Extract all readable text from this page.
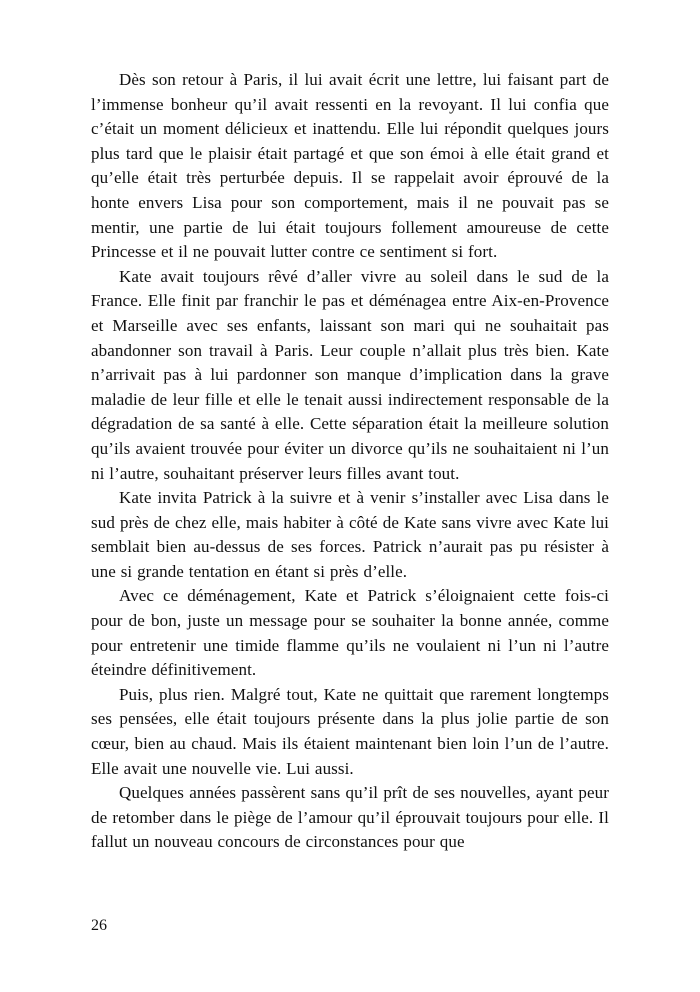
Dès son retour à Paris, il lui avait écrit une lettre, lui faisant part de l’immense bonheur qu’il avait ressenti en la revoyant. Il lui confia que c’était un moment délicieux et inattendu. Elle lui répondit quelques jours plus tard que le plaisir était partagé et que son émoi à elle était grand et qu’elle était très perturbée depuis. Il se rappelait avoir éprouvé de la honte envers Lisa pour son comportement, mais il ne pouvait pas se mentir, une partie de lui était toujours follement amoureuse de cette Princesse et il ne pouvait lutter contre ce sentiment si fort.

Kate avait toujours rêvé d’aller vivre au soleil dans le sud de la France. Elle finit par franchir le pas et déménagea entre Aix-en-Provence et Marseille avec ses enfants, laissant son mari qui ne souhaitait pas abandonner son travail à Paris. Leur couple n’allait plus très bien. Kate n’arrivait pas à lui pardonner son manque d’implication dans la grave maladie de leur fille et elle le tenait aussi indirectement responsable de la dégradation de sa santé à elle. Cette séparation était la meilleure solution qu’ils avaient trouvée pour éviter un divorce qu’ils ne souhaitaient ni l’un ni l’autre, souhaitant préserver leurs filles avant tout.

Kate invita Patrick à la suivre et à venir s’installer avec Lisa dans le sud près de chez elle, mais habiter à côté de Kate sans vivre avec Kate lui semblait bien au-dessus de ses forces. Patrick n’aurait pas pu résister à une si grande tentation en étant si près d’elle.

Avec ce déménagement, Kate et Patrick s’éloignaient cette fois-ci pour de bon, juste un message pour se souhaiter la bonne année, comme pour entretenir une timide flamme qu’ils ne voulaient ni l’un ni l’autre éteindre définitivement.

Puis, plus rien. Malgré tout, Kate ne quittait que rarement longtemps ses pensées, elle était toujours présente dans la plus jolie partie de son cœur, bien au chaud. Mais ils étaient maintenant bien loin l’un de l’autre. Elle avait une nouvelle vie. Lui aussi.

Quelques années passèrent sans qu’il prît de ses nouvelles, ayant peur de retomber dans le piège de l’amour qu’il éprouvait toujours pour elle. Il fallut un nouveau concours de circonstances pour que

26
